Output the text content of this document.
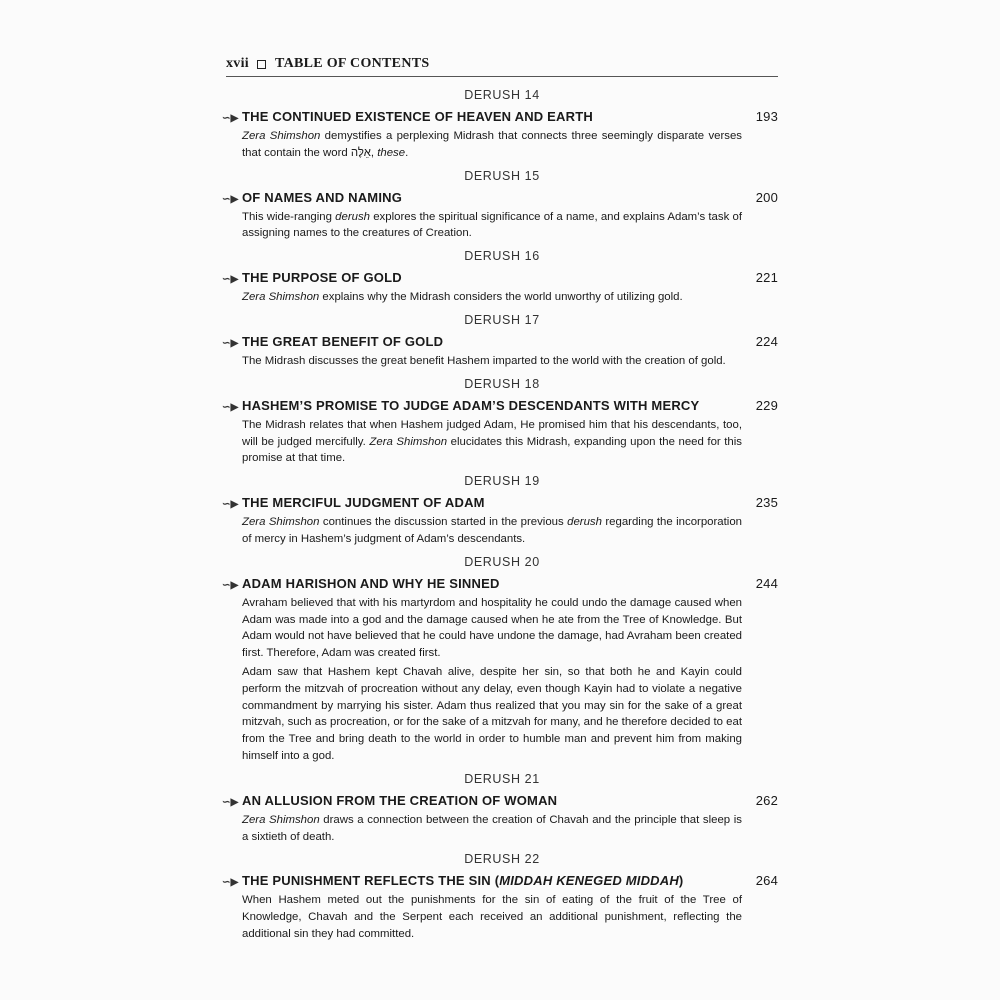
xvii TABLE OF CONTENTS
DERUSH 14
∽▶ THE CONTINUED EXISTENCE OF HEAVEN AND EARTH	193

Zera Shimshon demystifies a perplexing Midrash that connects three seemingly disparate verses that contain the word אֵלֶּה, these.

DERUSH 15
∽▶ OF NAMES AND NAMING	200

This wide-ranging derush explores the spiritual significance of a name, and explains Adam’s task of assigning names to the creatures of Creation.

DERUSH 16
∽▶ THE PURPOSE OF GOLD	221

Zera Shimshon explains why the Midrash considers the world unworthy of utilizing gold.

DERUSH 17
∽▶ THE GREAT BENEFIT OF GOLD	224

The Midrash discusses the great benefit Hashem imparted to the world with the creation of gold.

DERUSH 18
∽▶ HASHEM’S PROMISE TO JUDGE ADAM’S DESCENDANTS WITH MERCY	229

The Midrash relates that when Hashem judged Adam, He promised him that his descendants, too, will be judged mercifully. Zera Shimshon elucidates this Midrash, expanding upon the need for this promise at that time.

DERUSH 19
∽▶ THE MERCIFUL JUDGMENT OF ADAM	235

Zera Shimshon continues the discussion started in the previous derush regarding the incorporation of mercy in Hashem’s judgment of Adam’s descendants.

DERUSH 20
∽▶ ADAM HARISHON AND WHY HE SINNED	244

Avraham believed that with his martyrdom and hospitality he could undo the damage caused when Adam was made into a god and the damage caused when he ate from the Tree of Knowledge. But Adam would not have believed that he could have undone the damage, had Avraham been created first. Therefore, Adam was created first.

Adam saw that Hashem kept Chavah alive, despite her sin, so that both he and Kayin could perform the mitzvah of procreation without any delay, even though Kayin had to violate a negative commandment by marrying his sister. Adam thus realized that you may sin for the sake of a great mitzvah, such as procreation, or for the sake of a mitzvah for many, and he therefore decided to eat from the Tree and bring death to the world in order to humble man and prevent him from making himself into a god.

DERUSH 21
∽▶ AN ALLUSION FROM THE CREATION OF WOMAN	262

Zera Shimshon draws a connection between the creation of Chavah and the principle that sleep is a sixtieth of death.

DERUSH 22
∽▶ THE PUNISHMENT REFLECTS THE SIN (MIDDAH KENEGED MIDDAH)	264

When Hashem meted out the punishments for the sin of eating of the fruit of the Tree of Knowledge, Chavah and the Serpent each received an additional punishment, reflecting the additional sin they had committed.
